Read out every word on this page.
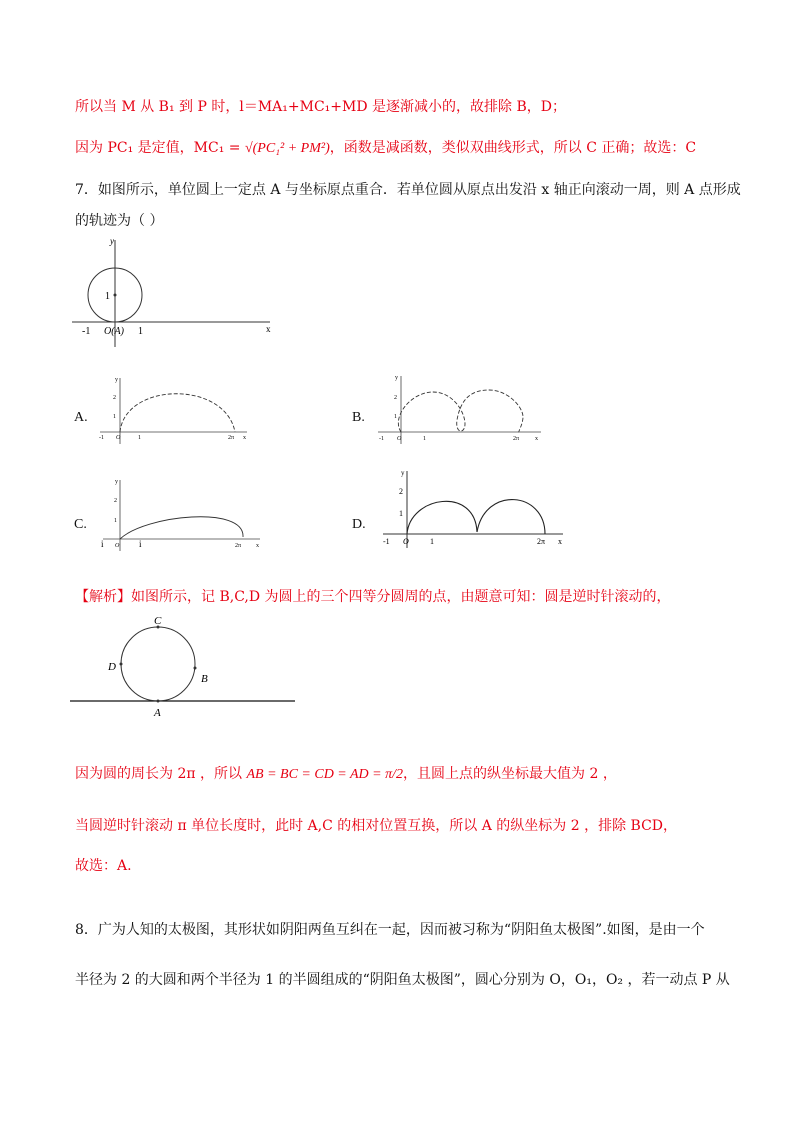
所以当 M 从 B₁ 到 P 时，l＝MA₁+MC₁+MD 是逐渐减小的，故排除 B，D；
因为 PC₁ 是定值，MC₁ = √(PC₁² + PM²)，函数是减函数，类似双曲线形式，所以 C 正确；故选：C
7．如图所示，单位圆上一定点 A 与坐标原点重合．若单位圆从原点出发沿 x 轴正向滚动一周，则 A 点形成
的轨迹为（ ）
y
x
1
-1	1
O(A)
A.
y
2
1
-1 O	1	2π x
B.
y
2
1
-1 O	1	2π	x
C.
y
2
1
i O i	2π x
D.
y
2
1
-1 O	1	2π x
【解析】如图所示，记 B,C,D 为圆上的三个四等分圆周的点，由题意可知：圆是逆时针滚动的，
C
D
B
A
因为圆的周长为 2π ，所以 AB = BC = CD = AD = π/2，且圆上点的纵坐标最大值为 2 ，
当圆逆时针滚动 π 单位长度时，此时 A,C 的相对位置互换，所以 A 的纵坐标为 2 ，排除 BCD，
故选：A.
8．广为人知的太极图，其形状如阴阳两鱼互纠在一起，因而被习称为“阴阳鱼太极图”.如图，是由一个
半径为 2 的大圆和两个半径为 1 的半圆组成的“阴阳鱼太极图”，圆心分别为 O，O₁，O₂ ，若一动点 P 从
